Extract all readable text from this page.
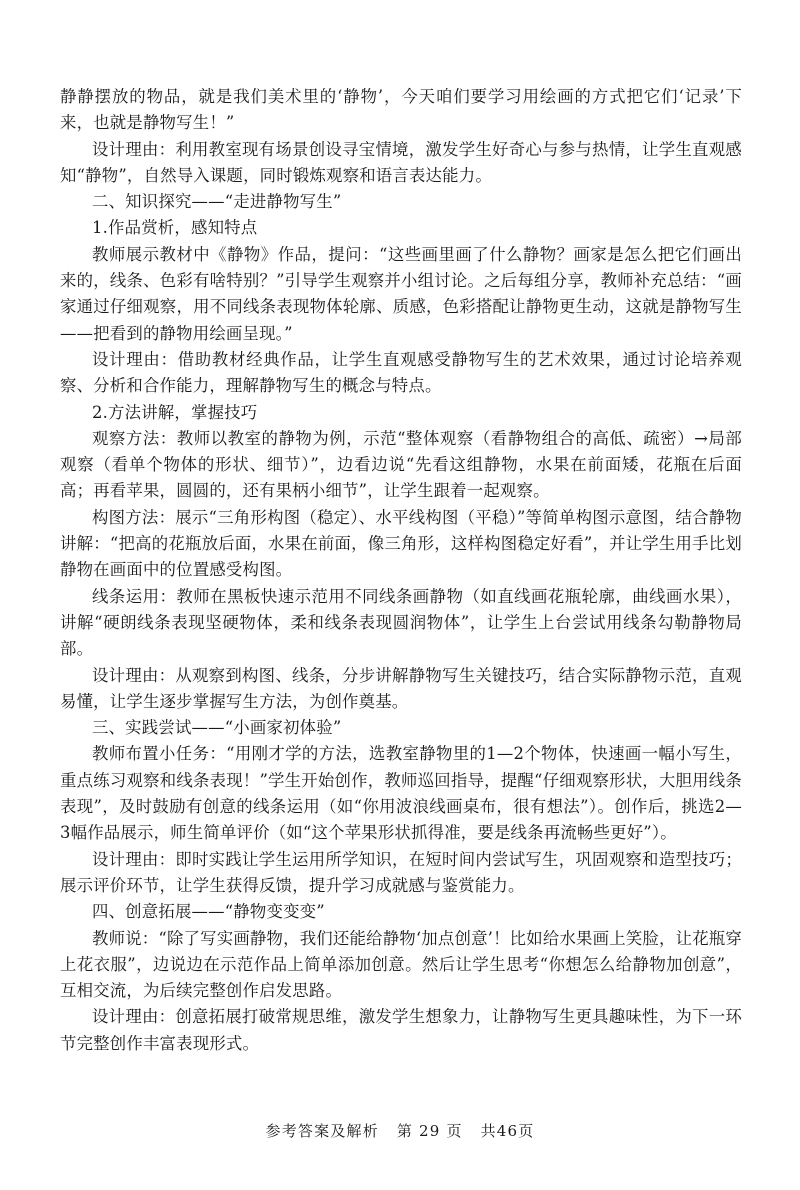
静静摆放的物品，就是我们美术里的‘静物’，今天咱们要学习用绘画的方式把它们‘记录’下来，也就是静物写生！”

设计理由：利用教室现有场景创设寻宝情境，激发学生好奇心与参与热情，让学生直观感知“静物”，自然导入课题，同时锻炼观察和语言表达能力。

二、知识探究——“走进静物写生”

1.作品赏析，感知特点

教师展示教材中《静物》作品，提问：“这些画里画了什么静物？画家是怎么把它们画出来的，线条、色彩有啥特别？”引导学生观察并小组讨论。之后每组分享，教师补充总结：“画家通过仔细观察，用不同线条表现物体轮廓、质感，色彩搭配让静物更生动，这就是静物写生——把看到的静物用绘画呈现。”

设计理由：借助教材经典作品，让学生直观感受静物写生的艺术效果，通过讨论培养观察、分析和合作能力，理解静物写生的概念与特点。

2.方法讲解，掌握技巧

观察方法：教师以教室的静物为例，示范“整体观察（看静物组合的高低、疏密）→局部观察（看单个物体的形状、细节）”，边看边说“先看这组静物，水果在前面矮，花瓶在后面高；再看苹果，圆圆的，还有果柄小细节”，让学生跟着一起观察。

构图方法：展示“三角形构图（稳定）、水平线构图（平稳）”等简单构图示意图，结合静物讲解：“把高的花瓶放后面，水果在前面，像三角形，这样构图稳定好看”，并让学生用手比划静物在画面中的位置感受构图。

线条运用：教师在黑板快速示范用不同线条画静物（如直线画花瓶轮廓，曲线画水果），讲解“硬朗线条表现坚硬物体，柔和线条表现圆润物体”，让学生上台尝试用线条勾勒静物局部。

设计理由：从观察到构图、线条，分步讲解静物写生关键技巧，结合实际静物示范，直观易懂，让学生逐步掌握写生方法，为创作奠基。

三、实践尝试——“小画家初体验”

教师布置小任务：“用刚才学的方法，选教室静物里的1—2个物体，快速画一幅小写生，重点练习观察和线条表现！”学生开始创作，教师巡回指导，提醒“仔细观察形状，大胆用线条表现”，及时鼓励有创意的线条运用（如“你用波浪线画桌布，很有想法”）。创作后，挑选2—3幅作品展示，师生简单评价（如“这个苹果形状抓得准，要是线条再流畅些更好”）。

设计理由：即时实践让学生运用所学知识，在短时间内尝试写生，巩固观察和造型技巧；展示评价环节，让学生获得反馈，提升学习成就感与鉴赏能力。

四、创意拓展——“静物变变变”

教师说：“除了写实画静物，我们还能给静物‘加点创意’！比如给水果画上笑脸，让花瓶穿上花衣服”，边说边在示范作品上简单添加创意。然后让学生思考“你想怎么给静物加创意”，互相交流，为后续完整创作启发思路。

设计理由：创意拓展打破常规思维，激发学生想象力，让静物写生更具趣味性，为下一环节完整创作丰富表现形式。

参考答案及解析 第 29 页 共46页
